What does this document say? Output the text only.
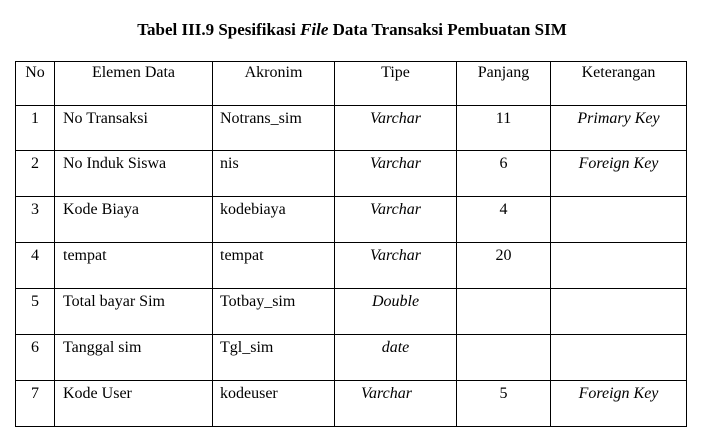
Tabel III.9 Spesifikasi File Data Transaksi Pembuatan SIM
No	Elemen Data	Akronim	Tipe	Panjang	Keterangan
1	No Transaksi	Notrans_sim	Varchar	11	Primary Key
2	No Induk Siswa	nis	Varchar	6	Foreign Key
3	Kode Biaya	kodebiaya	Varchar	4	
4	tempat	tempat	Varchar	20	
5	Total bayar Sim	Totbay_sim	Double		
6	Tanggal sim	Tgl_sim	date		
7	Kode User	kodeuser	Varchar	5	Foreign Key
